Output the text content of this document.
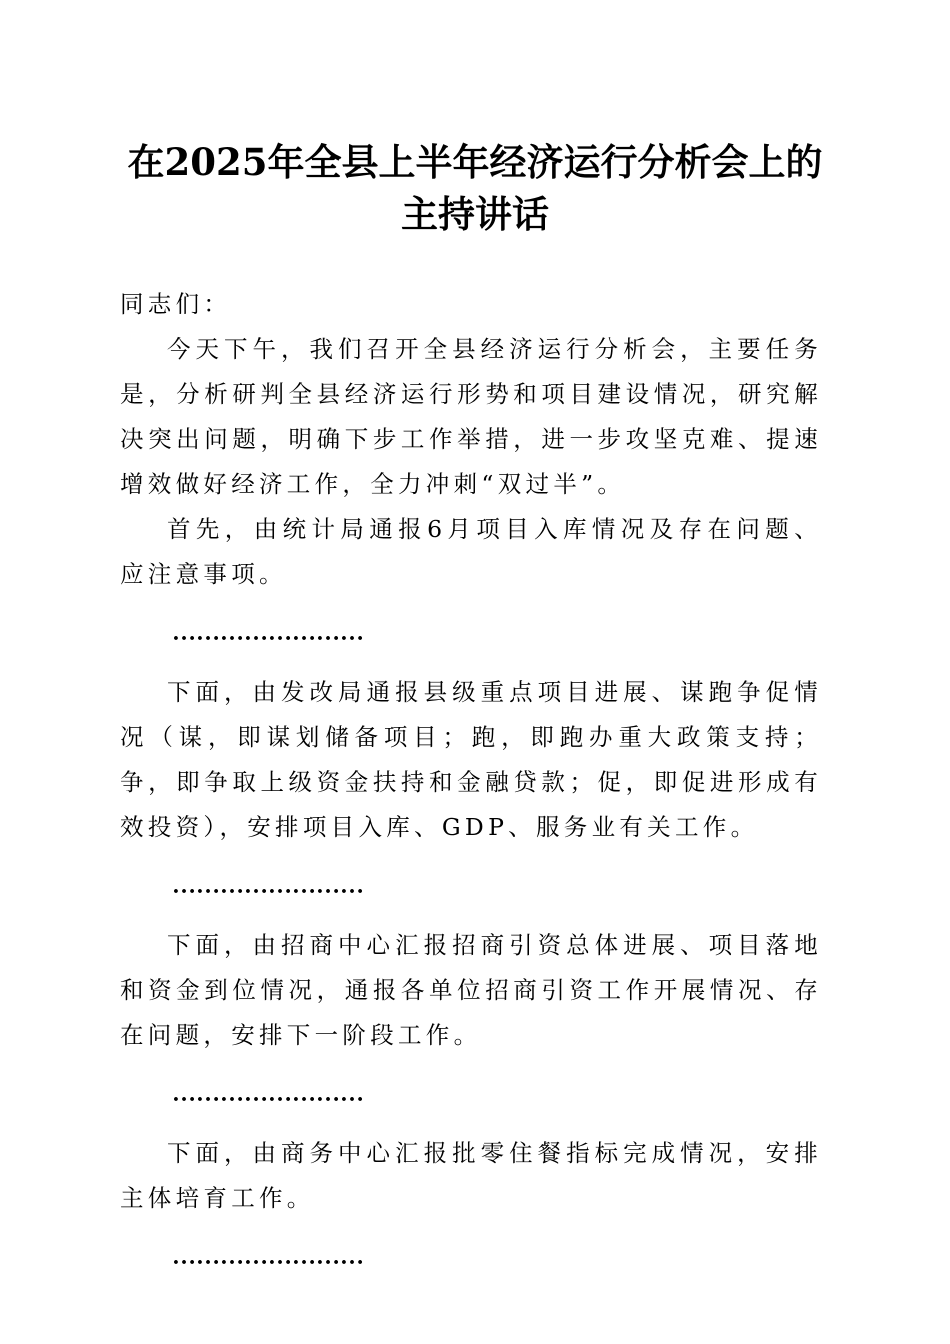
在2025年全县上半年经济运行分析会上的主持讲话

同志们：

今天下午，我们召开全县经济运行分析会，主要任务是，分析研判全县经济运行形势和项目建设情况，研究解决突出问题，明确下步工作举措，进一步攻坚克难、提速增效做好经济工作，全力冲刺“双过半”。

首先，由统计局通报6月项目入库情况及存在问题、应注意事项。

……………………

下面，由发改局通报县级重点项目进展、谋跑争促情况（谋，即谋划储备项目；跑，即跑办重大政策支持；争，即争取上级资金扶持和金融贷款；促，即促进形成有效投资），安排项目入库、GDP、服务业有关工作。

……………………

下面，由招商中心汇报招商引资总体进展、项目落地和资金到位情况，通报各单位招商引资工作开展情况、存在问题，安排下一阶段工作。

……………………

下面，由商务中心汇报批零住餐指标完成情况，安排主体培育工作。

……………………
